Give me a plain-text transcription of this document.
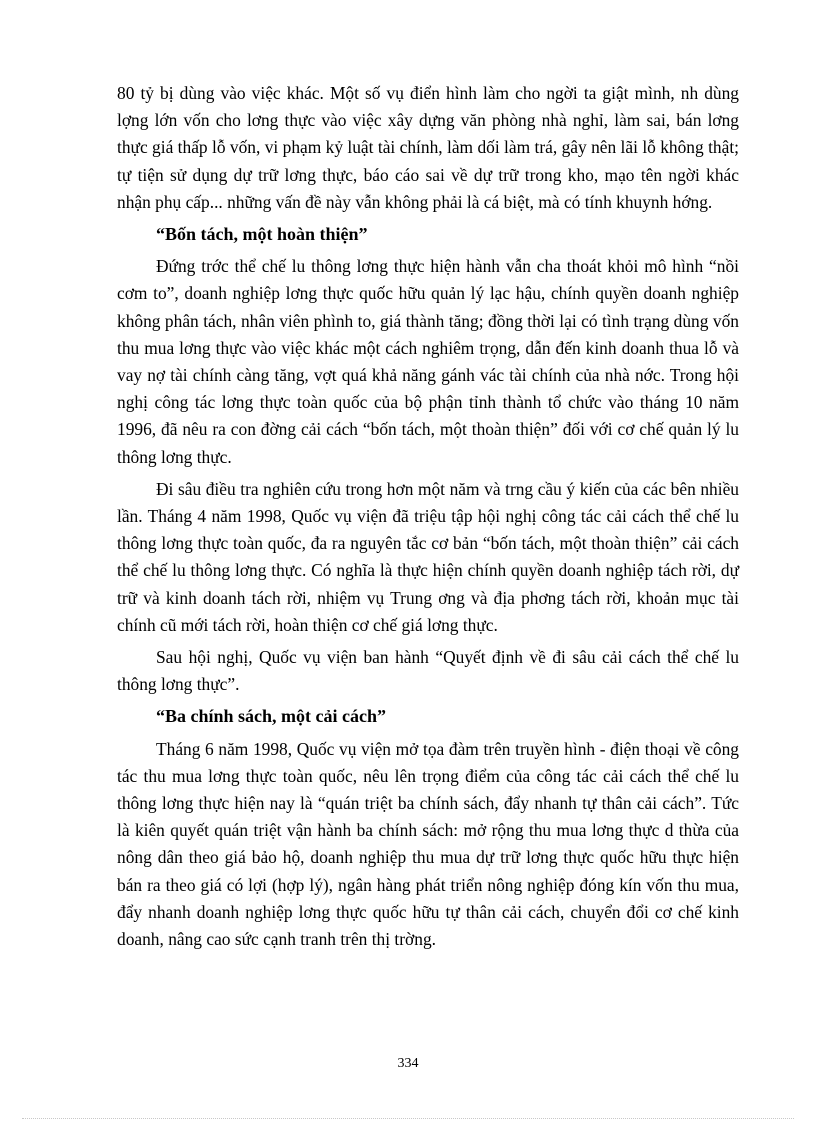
80 tỷ bị dùng vào việc khác. Một số vụ điển hình làm cho ngời ta giật mình, nh dùng lợng lớn vốn cho lơng thực vào việc xây dựng văn phòng nhà nghỉ, làm sai, bán lơng thực giá thấp lỗ vốn, vi phạm kỷ luật tài chính, làm dối làm trá, gây nên lãi lỗ không thật; tự tiện sử dụng dự trữ lơng thực, báo cáo sai về dự trữ trong kho, mạo tên ngời khác nhận phụ cấp... những vấn đề này vẫn không phải là cá biệt, mà có tính khuynh hớng.

“Bốn tách, một hoàn thiện”

Đứng trớc thể chế lu thông lơng thực hiện hành vẫn cha thoát khỏi mô hình “nồi cơm to”, doanh nghiệp lơng thực quốc hữu quản lý lạc hậu, chính quyền doanh nghiệp không phân tách, nhân viên phình to, giá thành tăng; đồng thời lại có tình trạng dùng vốn thu mua lơng thực vào việc khác một cách nghiêm trọng, dẫn đến kinh doanh thua lỗ và vay nợ tài chính càng tăng, vợt quá khả năng gánh vác tài chính của nhà nớc. Trong hội nghị công tác lơng thực toàn quốc của bộ phận tỉnh thành tổ chức vào tháng 10 năm 1996, đã nêu ra con đờng cải cách “bốn tách, một thoàn thiện” đối với cơ chế quản lý lu thông lơng thực.

Đi sâu điều tra nghiên cứu trong hơn một năm và trng cầu ý kiến của các bên nhiều lần. Tháng 4 năm 1998, Quốc vụ viện đã triệu tập hội nghị công tác cải cách thể chế lu thông lơng thực toàn quốc, đa ra nguyên tắc cơ bản “bốn tách, một thoàn thiện” cải cách thể chế lu thông lơng thực. Có nghĩa là thực hiện chính quyền doanh nghiệp tách rời, dự trữ và kinh doanh tách rời, nhiệm vụ Trung ơng và địa phơng tách rời, khoản mục tài chính cũ mới tách rời, hoàn thiện cơ chế giá lơng thực.

Sau hội nghị, Quốc vụ viện ban hành “Quyết định về đi sâu cải cách thể chế lu thông lơng thực”.

“Ba chính sách, một cải cách”

Tháng 6 năm 1998, Quốc vụ viện mở tọa đàm trên truyền hình - điện thoại về công tác thu mua lơng thực toàn quốc, nêu lên trọng điểm của công tác cải cách thể chế lu thông lơng thực hiện nay là “quán triệt ba chính sách, đẩy nhanh tự thân cải cách”. Tức là kiên quyết quán triệt vận hành ba chính sách: mở rộng thu mua lơng thực d thừa của nông dân theo giá bảo hộ, doanh nghiệp thu mua dự trữ lơng thực quốc hữu thực hiện bán ra theo giá có lợi (hợp lý), ngân hàng phát triển nông nghiệp đóng kín vốn thu mua, đẩy nhanh doanh nghiệp lơng thực quốc hữu tự thân cải cách, chuyển đổi cơ chế kinh doanh, nâng cao sức cạnh tranh trên thị trờng.

334
